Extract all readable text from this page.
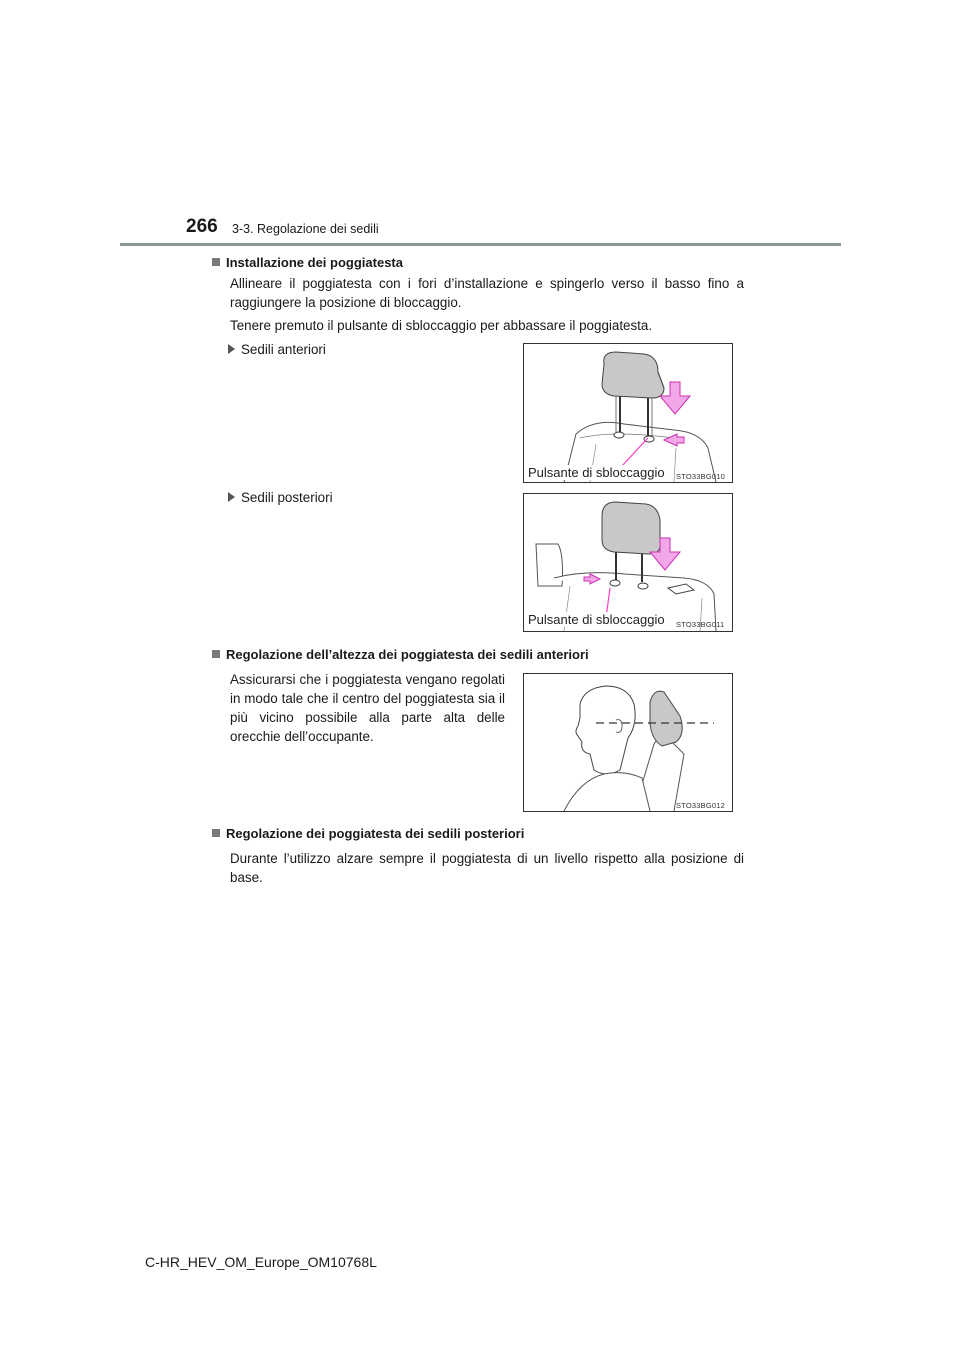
266 3-3. Regolazione dei sedili
Installazione dei poggiatesta
Allineare il poggiatesta con i fori d’installazione e spingerlo verso il basso fino a raggiungere la posizione di bloccaggio.
Tenere premuto il pulsante di sbloccaggio per abbassare il poggiatesta.
Sedili anteriori
Pulsante di sbloccaggio STO33BG010
Sedili posteriori
Pulsante di sbloccaggio STO33BG011
Regolazione dell’altezza dei poggiatesta dei sedili anteriori
Assicurarsi che i poggiatesta vengano regolati in modo tale che il centro del poggiatesta sia il più vicino possibile alla parte alta delle orecchie dell’occupante.
STO33BG012
Regolazione dei poggiatesta dei sedili posteriori
Durante l’utilizzo alzare sempre il poggiatesta di un livello rispetto alla posizione di base.
C-HR_HEV_OM_Europe_OM10768L
